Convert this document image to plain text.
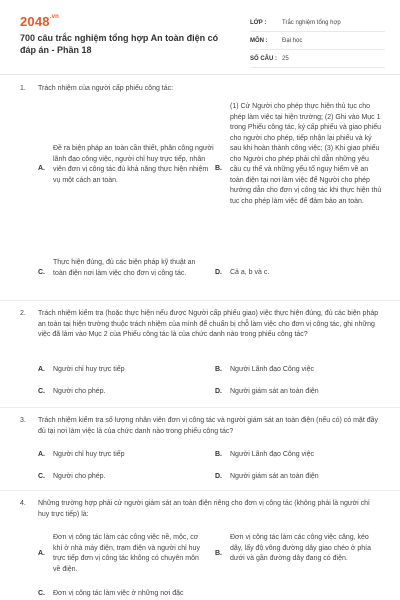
$2048^{.vn}$
700 câu trắc nghiệm tổng hợp An toàn điện có đáp án - Phần 18
LỚP :	Trắc nghiệm tổng hợp
MÔN :	Đại học
SỐ CÂU : 25
1. Trách nhiệm của người cấp phiếu công tác:
A.
Đề ra biện pháp an toàn cần thiết, phân công người lãnh đạo công việc, người chỉ huy trực tiếp, nhân viên đơn vị công tác đủ khả năng thực hiện nhiệm vụ một cách an toàn.
B.
(1) Cử Người cho phép thực hiện thủ tục cho phép làm việc tại hiện trường; (2) Ghi vào Mục 1 trong Phiếu công tác, ký cấp phiếu và giao phiếu cho người cho phép, tiếp nhận lại phiếu và ký sau khi hoàn thành công việc; (3) Khi giao phiếu cho Người cho phép phải chỉ dẫn những yêu cầu cụ thể và những yếu tố nguy hiểm về an toàn điện tại nơi làm việc để Người cho phép hướng dẫn cho đơn vị công tác khi thực hiện thủ tục cho phép làm việc để đảm bảo an toàn.
C.
Thực hiện đúng, đủ các biện pháp kỹ thuật an toàn điện nơi làm việc cho đơn vị công tác.	D. Cả a, b và c.
2. Trách nhiệm kiểm tra (hoặc thực hiện nếu được Người cấp phiếu giao) việc thực hiện đúng, đủ các biện pháp an toàn tại hiện trường thuộc trách nhiệm của mình để chuẩn bị chỗ làm việc cho đơn vị công tác, ghi những việc đã làm vào Mục 2 của Phiếu công tác là của chức danh nào trong phiếu công tác?
A. Người chỉ huy trực tiếp	B. Người Lãnh đạo Công việc
C. Người cho phép.	D. Người giám sát an toàn điện
3. Trách nhiệm kiểm tra số lượng nhân viên đơn vị công tác và người giám sát an toàn điện (nếu có) có mặt đầy đủ tại nơi làm việc là của chức danh nào trong phiếu công tác?
A. Người chỉ huy trực tiếp	B. Người Lãnh đạo Công việc
C. Người cho phép.	D. Người giám sát an toàn điện
4. Những trường hợp phải cử người giám sát an toàn điện riêng cho đơn vị công tác (không phải là người chỉ huy trực tiếp) là:
A.
Đơn vị công tác làm các công việc nề, mộc, cơ khí ở nhà máy điện, trạm điện và người chỉ huy trực tiếp đơn vị công tác không có chuyên môn về điện.
B.
Đơn vị công tác làm các công việc căng, kéo dây, lấy độ võng đường dây giao chéo ở phía dưới và gần đường dây đang có điện.
C. Đơn vị công tác làm việc ở những nơi đặc
